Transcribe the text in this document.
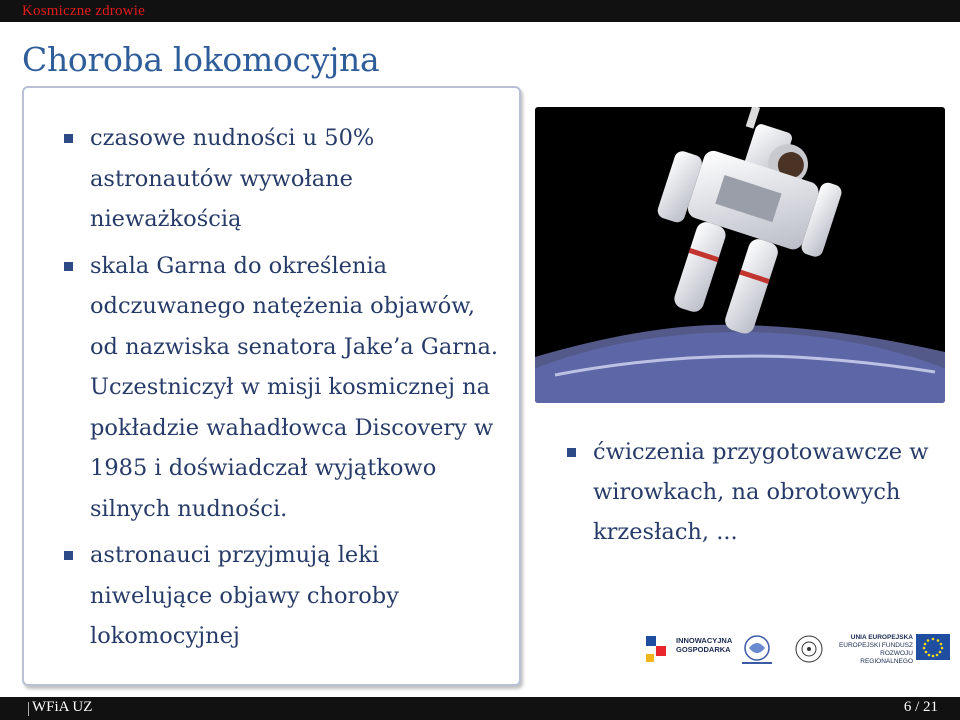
Kosmiczne zdrowie
Choroba lokomocyjna
czasowe nudności u 50% astronautów wywołane nieważkością
skala Garna do określenia odczuwanego natężenia objawów, od nazwiska senatora Jake’a Garna. Uczestniczył w misji kosmicznej na pokładzie wahadłowca Discovery w 1985 i doświadczał wyjątkowo silnych nudności.
astronauci przyjmują leki niwelujące objawy choroby lokomocyjnej
ćwiczenia przygotowawcze w wirowkach, na obrotowych krzesłach, ...
INNOWACYJNA
GOSPODARKA
UNIA EUROPEJSKA
EUROPEJSKI FUNDUSZ
ROZWOJU REGIONALNEGO
WFiA UZ	6 / 21
